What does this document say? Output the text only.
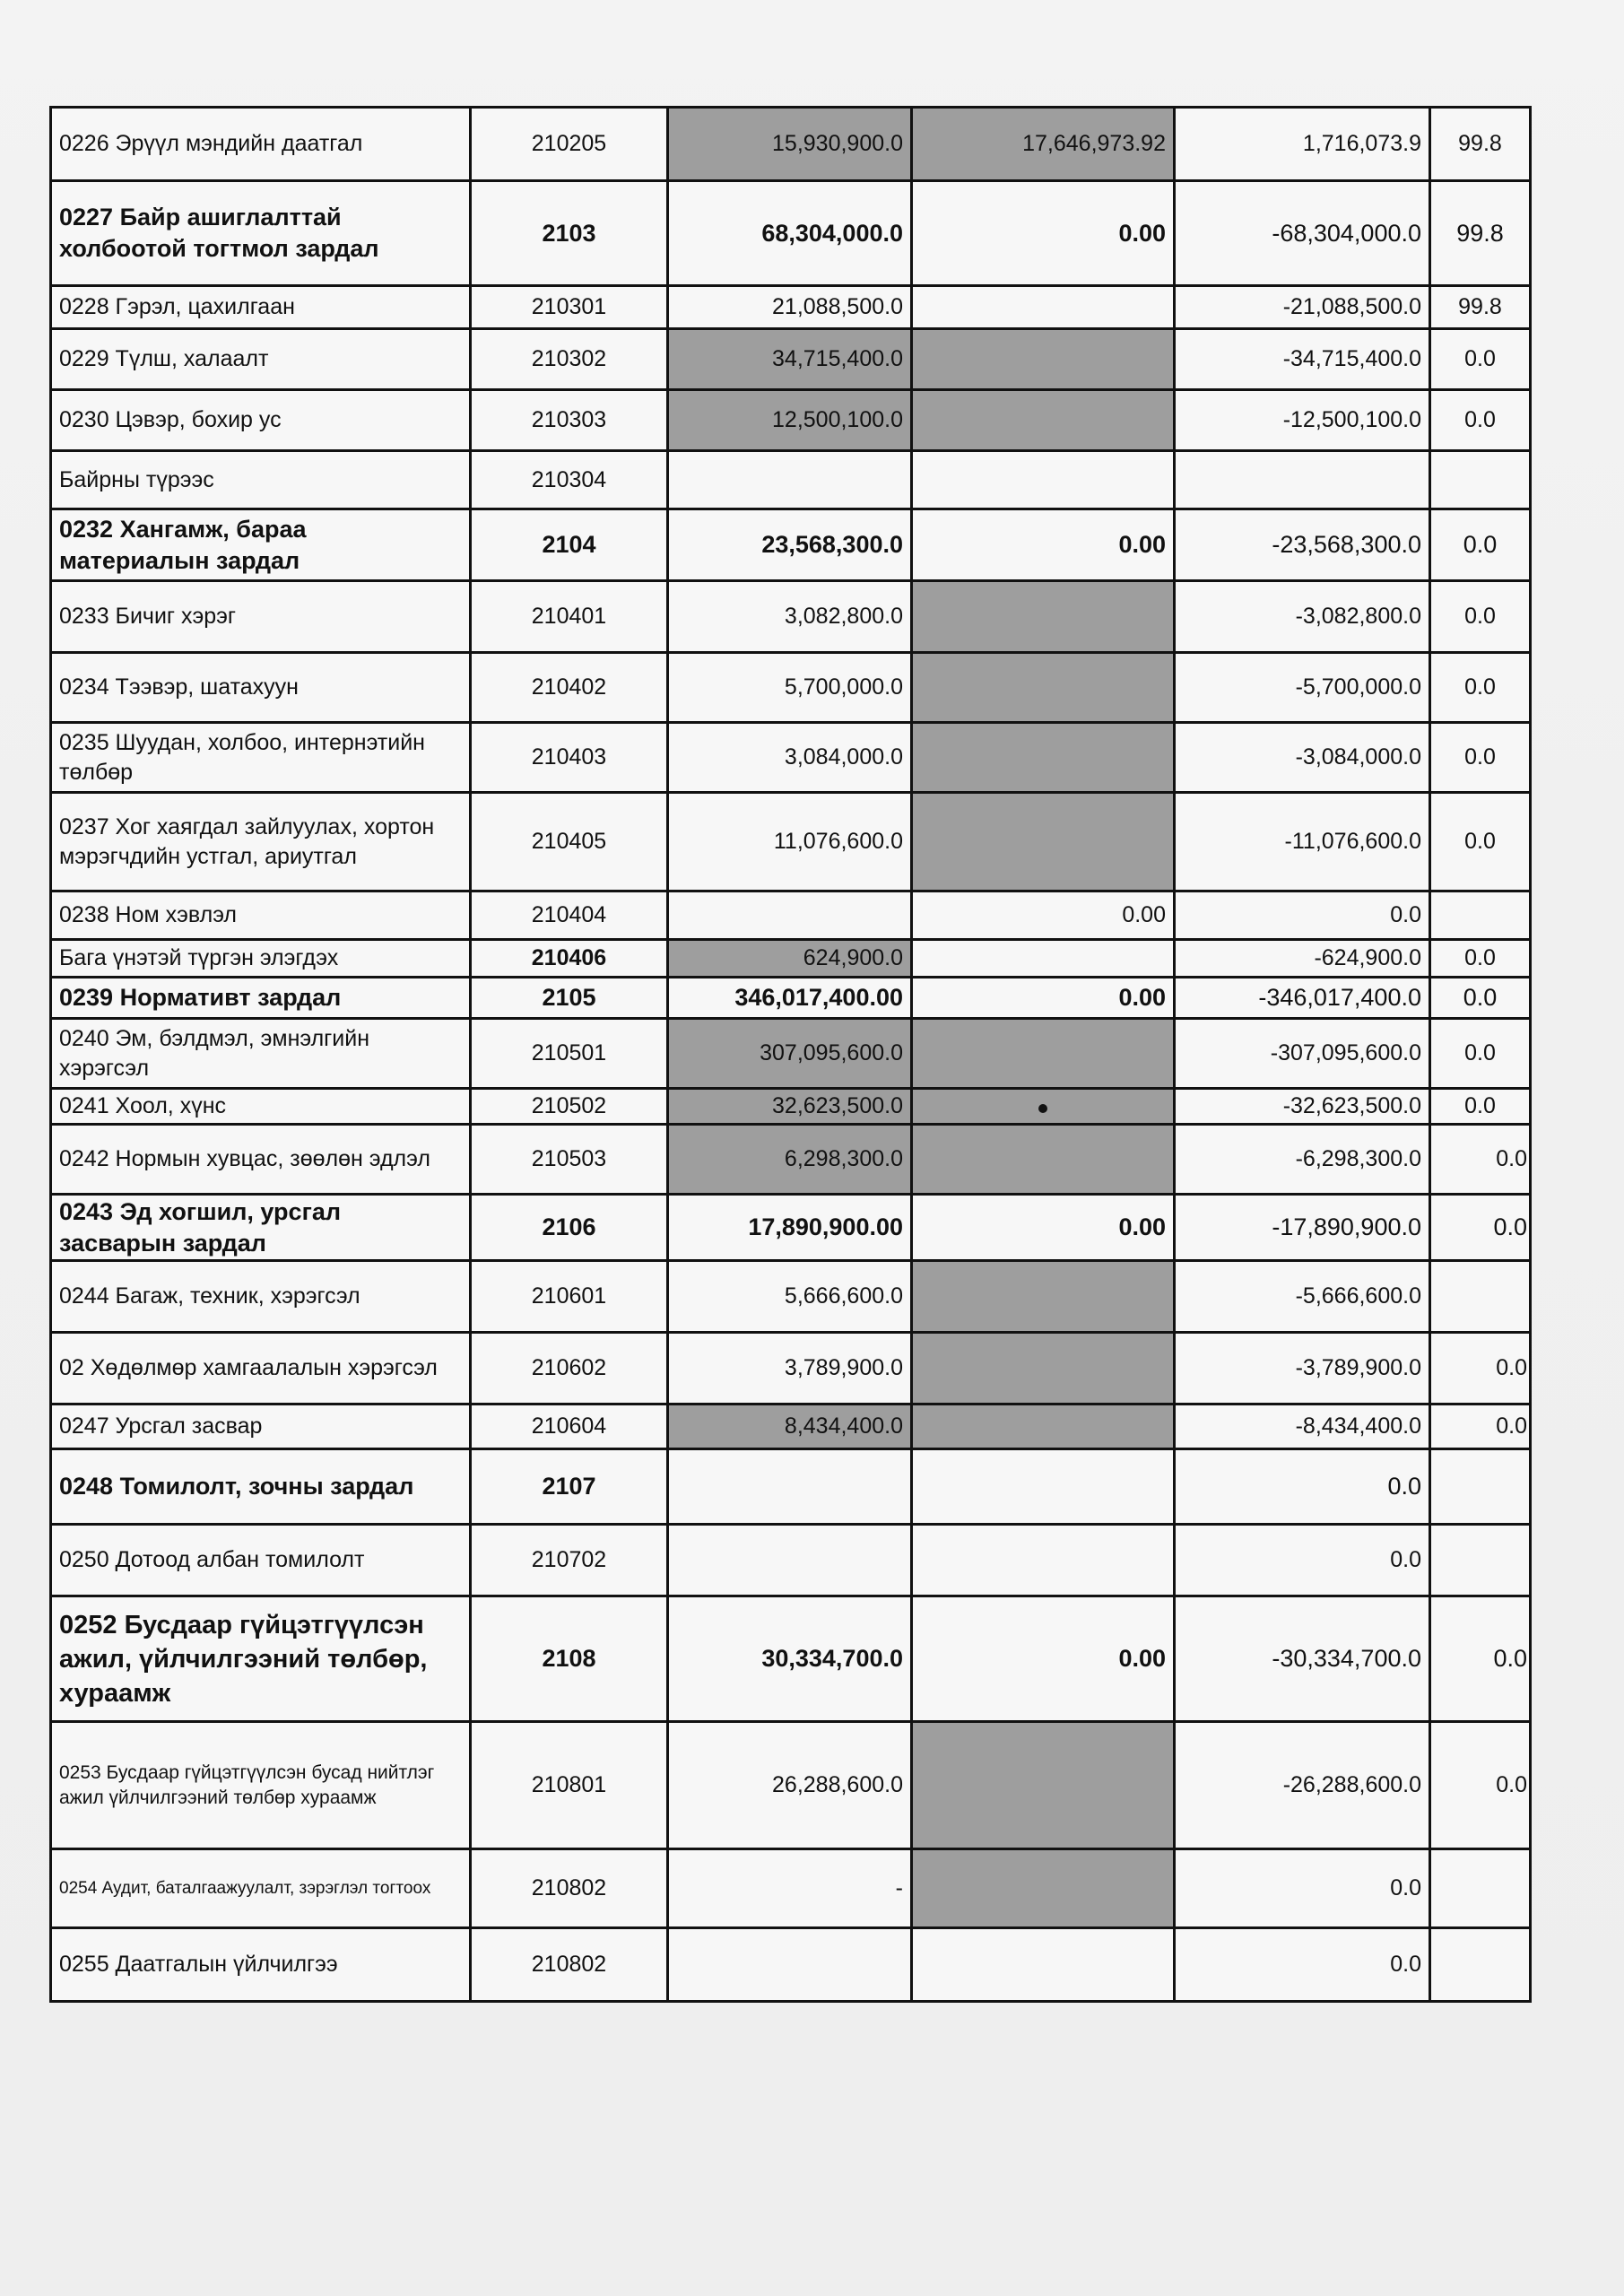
0226 Эрүүл мэндийн даатгал	210205	15,930,900.0	17,646,973.92	1,716,073.9	99.8
0227 Байр ашиглалттай холбоотой тогтмол зардал	2103	68,304,000.0	0.00	-68,304,000.0	99.8
0228 Гэрэл, цахилгаан	210301	21,088,500.0		-21,088,500.0	99.8
0229 Түлш, халаалт	210302	34,715,400.0		-34,715,400.0	0.0
0230 Цэвэр, бохир ус	210303	12,500,100.0		-12,500,100.0	0.0
Байрны түрээс	210304				
0232 Хангамж, бараа материалын зардал	2104	23,568,300.0	0.00	-23,568,300.0	0.0
0233 Бичиг хэрэг	210401	3,082,800.0		-3,082,800.0	0.0
0234 Тээвэр, шатахуун	210402	5,700,000.0		-5,700,000.0	0.0
0235 Шуудан, холбоо, интернэтийн төлбөр	210403	3,084,000.0		-3,084,000.0	0.0
0237 Хог хаягдал зайлуулах, хортон мэрэгчдийн устгал, ариутгал	210405	11,076,600.0		-11,076,600.0	0.0
0238 Ном хэвлэл	210404		0.00	0.0	
Бага үнэтэй түргэн элэгдэх	210406	624,900.0		-624,900.0	0.0
0239 Нормативт зардал	2105	346,017,400.00	0.00	-346,017,400.0	0.0
0240 Эм, бэлдмэл, эмнэлгийн хэрэгсэл	210501	307,095,600.0		-307,095,600.0	0.0
0241 Хоол, хүнс	210502	32,623,500.0		-32,623,500.0	0.0
0242 Нормын хувцас, зөөлөн эдлэл	210503	6,298,300.0		-6,298,300.0	0.0
0243 Эд хогшил, урсгал засварын зардал	2106	17,890,900.00	0.00	-17,890,900.0	0.0
0244 Багаж, техник, хэрэгсэл	210601	5,666,600.0		-5,666,600.0	
02 Хөдөлмөр хамгаалалын хэрэгсэл	210602	3,789,900.0		-3,789,900.0	0.0
0247 Урсгал засвар	210604	8,434,400.0		-8,434,400.0	0.0
0248 Томилолт, зочны зардал	2107			0.0	
0250 Дотоод албан томилолт	210702			0.0	
0252 Бусдаар гүйцэтгүүлсэн ажил, үйлчилгээний төлбөр, хураамж	2108	30,334,700.0	0.00	-30,334,700.0	0.0
0253 Бусдаар гүйцэтгүүлсэн бусад нийтлэг ажил үйлчилгээний төлбөр хураамж	210801	26,288,600.0		-26,288,600.0	0.0
0254 Аудит, баталгаажуулалт, зэрэглэл тогтоох	210802	-		0.0	
0255 Даатгалын үйлчилгээ	210802			0.0	
